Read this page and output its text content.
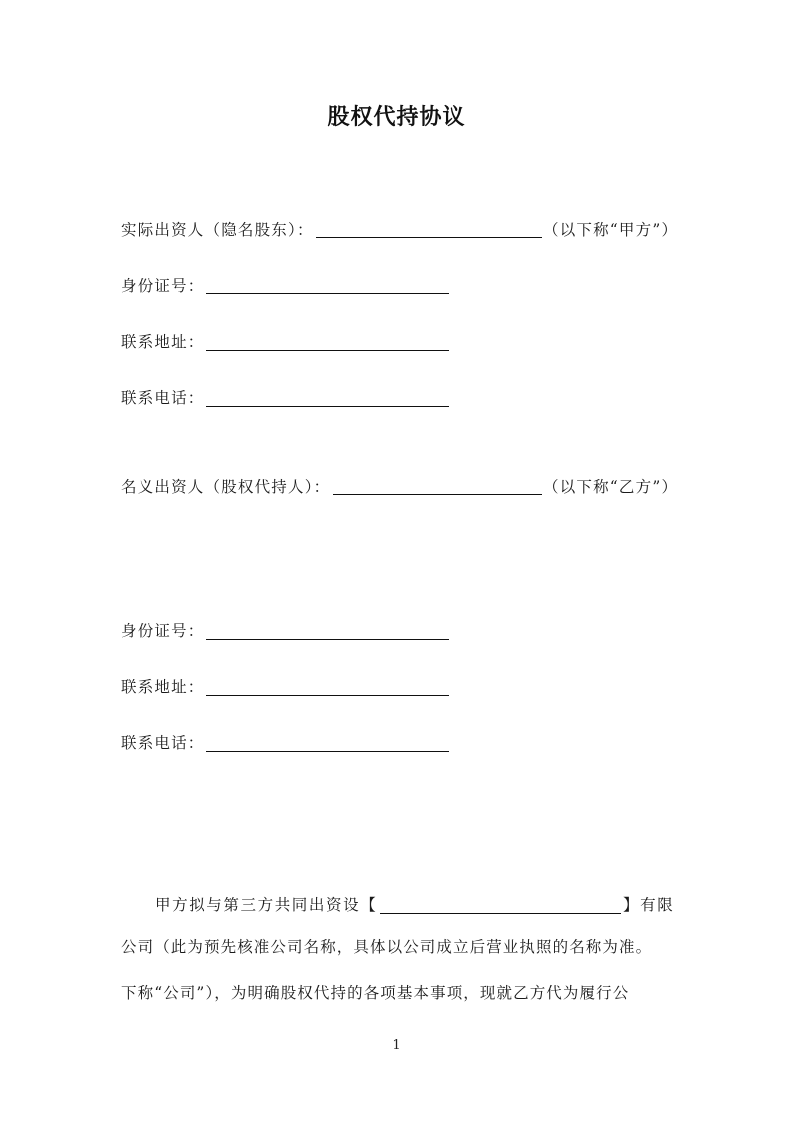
股权代持协议
实际出资人（隐名股东）：	（以下称“甲方”）
身份证号：
联系地址：
联系电话：
名义出资人（股权代持人）：	（以下称“乙方”）
身份证号：
联系地址：
联系电话：
甲方拟与第三方共同出资设【	】有限
公司（此为预先核准公司名称，具体以公司成立后营业执照的名称为准。
下称“公司”），为明确股权代持的各项基本事项，现就乙方代为履行公
1
